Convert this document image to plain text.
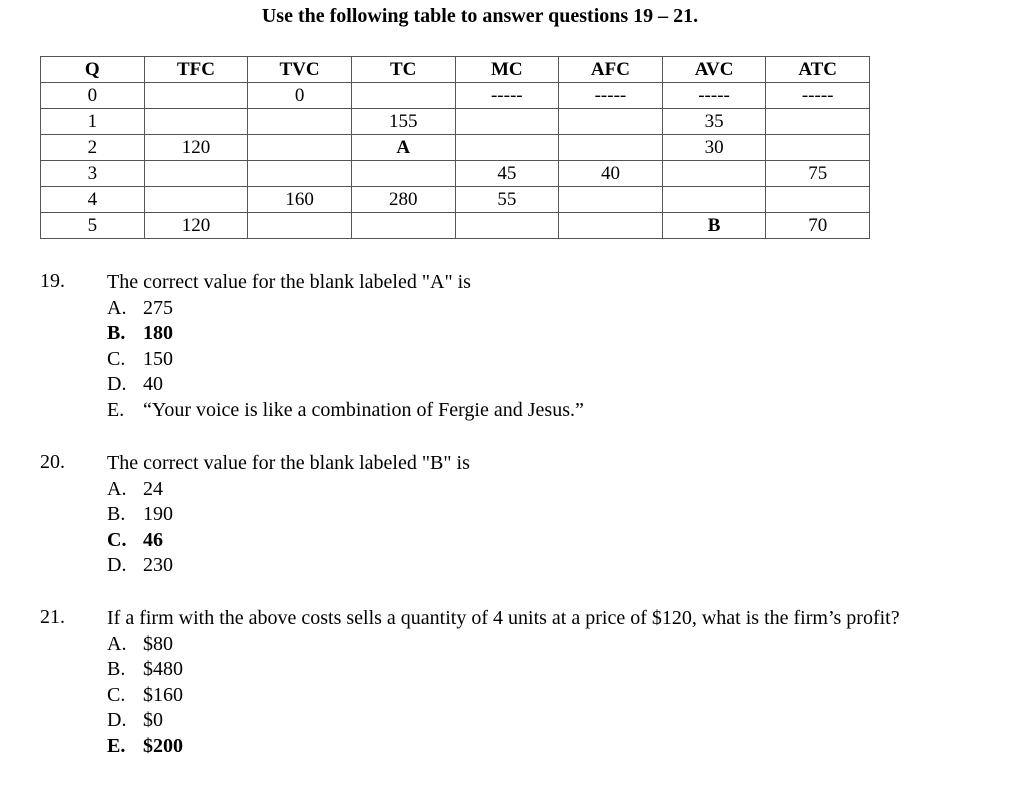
Use the following table to answer questions 19 – 21.
Q	TFC	TVC	TC	MC	AFC	AVC	ATC
0		0		-----	-----	-----	-----
1			155			35	
2	120		A			30	
3				45	40		75
4		160	280	55			
5	120					B	70
19. The correct value for the blank labeled "A" is
A. 275
B. 180
C. 150
D. 40
E. “Your voice is like a combination of Fergie and Jesus.”
20. The correct value for the blank labeled "B" is
A. 24
B. 190
C. 46
D. 230
21. If a firm with the above costs sells a quantity of 4 units at a price of $120, what is the firm’s profit?
A. $80
B. $480
C. $160
D. $0
E. $200
